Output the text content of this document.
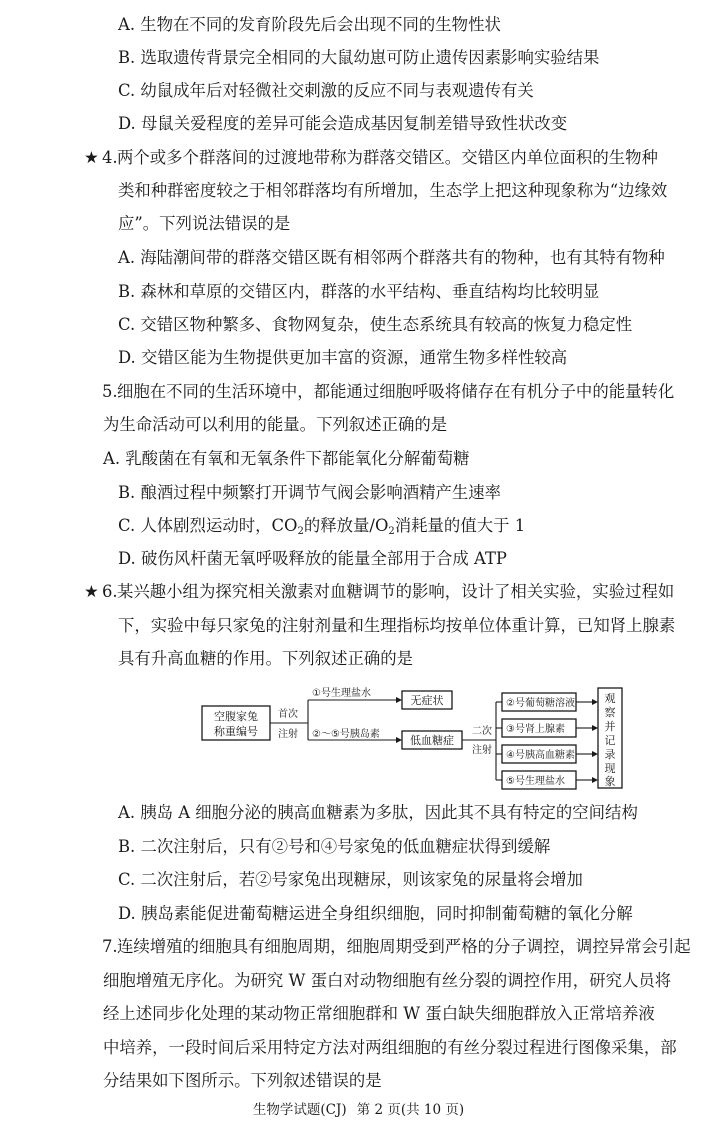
A. 生物在不同的发育阶段先后会出现不同的生物性状
B. 选取遗传背景完全相同的大鼠幼崽可防止遗传因素影响实验结果
C. 幼鼠成年后对轻微社交刺激的反应不同与表观遗传有关
D. 母鼠关爱程度的差异可能会造成基因复制差错导致性状改变
★ 4. 两个或多个群落间的过渡地带称为群落交错区。交错区内单位面积的生物种
类和种群密度较之于相邻群落均有所增加，生态学上把这种现象称为“边缘效
应”。下列说法错误的是
A. 海陆潮间带的群落交错区既有相邻两个群落共有的物种，也有其特有物种
B. 森林和草原的交错区内，群落的水平结构、垂直结构均比较明显
C. 交错区物种繁多、食物网复杂，使生态系统具有较高的恢复力稳定性
D. 交错区能为生物提供更加丰富的资源，通常生物多样性较高
5. 细胞在不同的生活环境中，都能通过细胞呼吸将储存在有机分子中的能量转化
为生命活动可以利用的能量。下列叙述正确的是
A. 乳酸菌在有氧和无氧条件下都能氧化分解葡萄糖
B. 酿酒过程中频繁打开调节气阀会影响酒精产生速率
C. 人体剧烈运动时，$CO_2$的释放量$/O_2$消耗量的值大于 1
D. 破伤风杆菌无氧呼吸释放的能量全部用于合成 ATP
★ 6. 某兴趣小组为探究相关激素对血糖调节的影响，设计了相关实验，实验过程如
下，实验中每只家兔的注射剂量和生理指标均按单位体重计算，已知肾上腺素
具有升高血糖的作用。下列叙述正确的是
空腹家兔
称重编号
首次
注射
①号生理盐水
无症状
②～⑤号胰岛素	低血糖症
二次
注射
②号葡萄糖溶液
③号肾上腺素
④号胰高血糖素
⑤号生理盐水
观
察
并
记
录
现
象
A. 胰岛 A 细胞分泌的胰高血糖素为多肽，因此其不具有特定的空间结构
B. 二次注射后，只有②号和④号家兔的低血糖症状得到缓解
C. 二次注射后，若②号家兔出现糖尿，则该家兔的尿量将会增加
D. 胰岛素能促进葡萄糖运进全身组织细胞，同时抑制葡萄糖的氧化分解
7. 连续增殖的细胞具有细胞周期，细胞周期受到严格的分子调控，调控异常会引起
细胞增殖无序化。为研究 W 蛋白对动物细胞有丝分裂的调控作用，研究人员将
经上述同步化处理的某动物正常细胞群和 W 蛋白缺失细胞群放入正常培养液
中培养，一段时间后采用特定方法对两组细胞的有丝分裂过程进行图像采集，部
分结果如下图所示。下列叙述错误的是
生物学试题(CJ) 第 2 页(共 10 页)
